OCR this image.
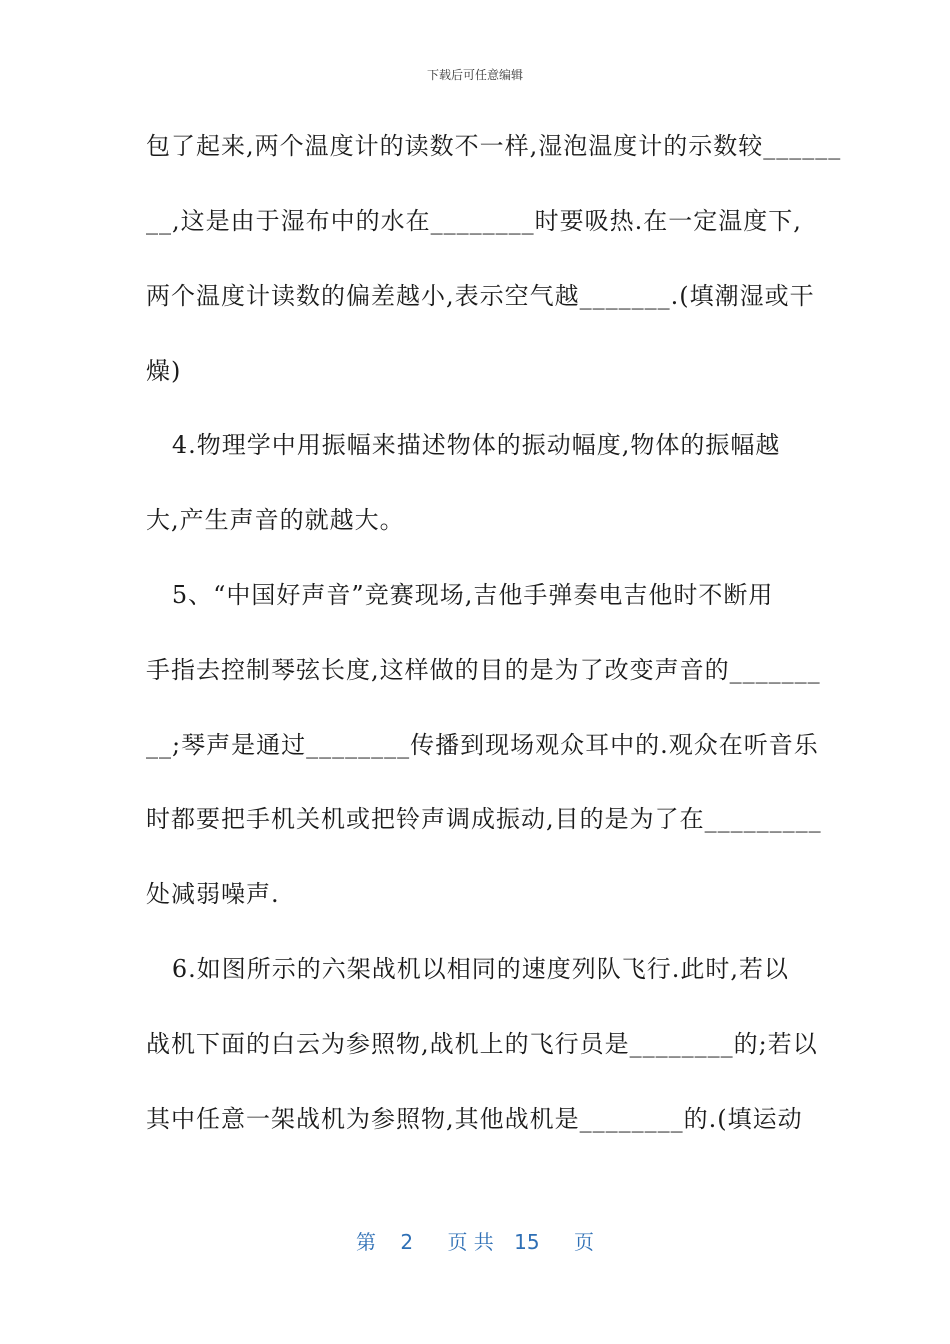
下载后可任意编辑
包了起来,两个温度计的读数不一样,湿泡温度计的示数较______
__,这是由于湿布中的水在________时要吸热.在一定温度下,
两个温度计读数的偏差越小,表示空气越_______.(填潮湿或干
燥)
4.物理学中用振幅来描述物体的振动幅度,物体的振幅越
大,产生声音的就越大。
5、“中国好声音”竞赛现场,吉他手弹奏电吉他时不断用
手指去控制琴弦长度,这样做的目的是为了改变声音的_______
__;琴声是通过________传播到现场观众耳中的.观众在听音乐
时都要把手机关机或把铃声调成振动,目的是为了在_________
处减弱噪声.
6.如图所示的六架战机以相同的速度列队飞行.此时,若以
战机下面的白云为参照物,战机上的飞行员是________的;若以
其中任意一架战机为参照物,其他战机是________的.(填运动
第 2 页 共 15 页
